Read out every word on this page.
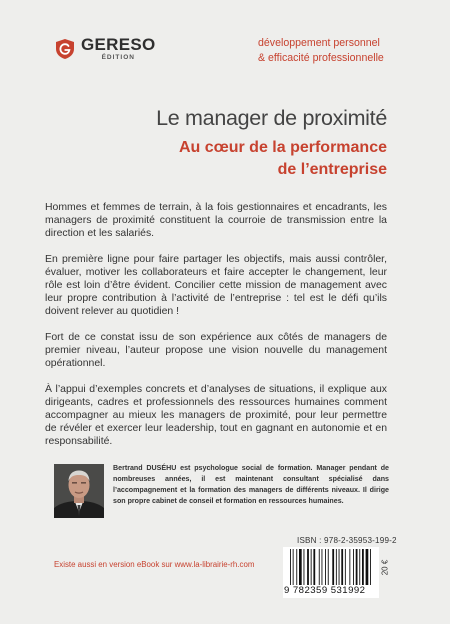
GERESO
ÉDITION
développement personnel
& efficacité professionnelle
Le manager de proximité
Au cœur de la performance
de l’entreprise

Hommes et femmes de terrain, à la fois gestionnaires et encadrants, les managers de proximité constituent la courroie de transmission entre la direction et les salariés.

En première ligne pour faire partager les objectifs, mais aussi contrôler, évaluer, motiver les collaborateurs et faire accepter le changement, leur rôle est loin d’être évident. Concilier cette mission de management avec leur propre contribution à l’activité de l’entreprise : tel est le défi qu’ils doivent relever au quotidien !

Fort de ce constat issu de son expérience aux côtés de managers de premier niveau, l’auteur propose une vision nouvelle du management opérationnel.

À l’appui d’exemples concrets et d’analyses de situations, il explique aux dirigeants, cadres et professionnels des ressources humaines comment accompagner au mieux les managers de proximité, pour leur permettre de révéler et exercer leur leadership, tout en gagnant en autonomie et en responsabilité.

Bertrand DUSÉHU est psychologue social de formation. Manager pendant de nombreuses années, il est maintenant consultant spécialisé dans l’accompagnement et la formation des managers de différents niveaux. Il dirige son propre cabinet de conseil et formation en ressources humaines.
ISBN : 978-2-35953-199-2
Existe aussi en version eBook sur www.la-librairie-rh.com
9 782359 531992
20 €
